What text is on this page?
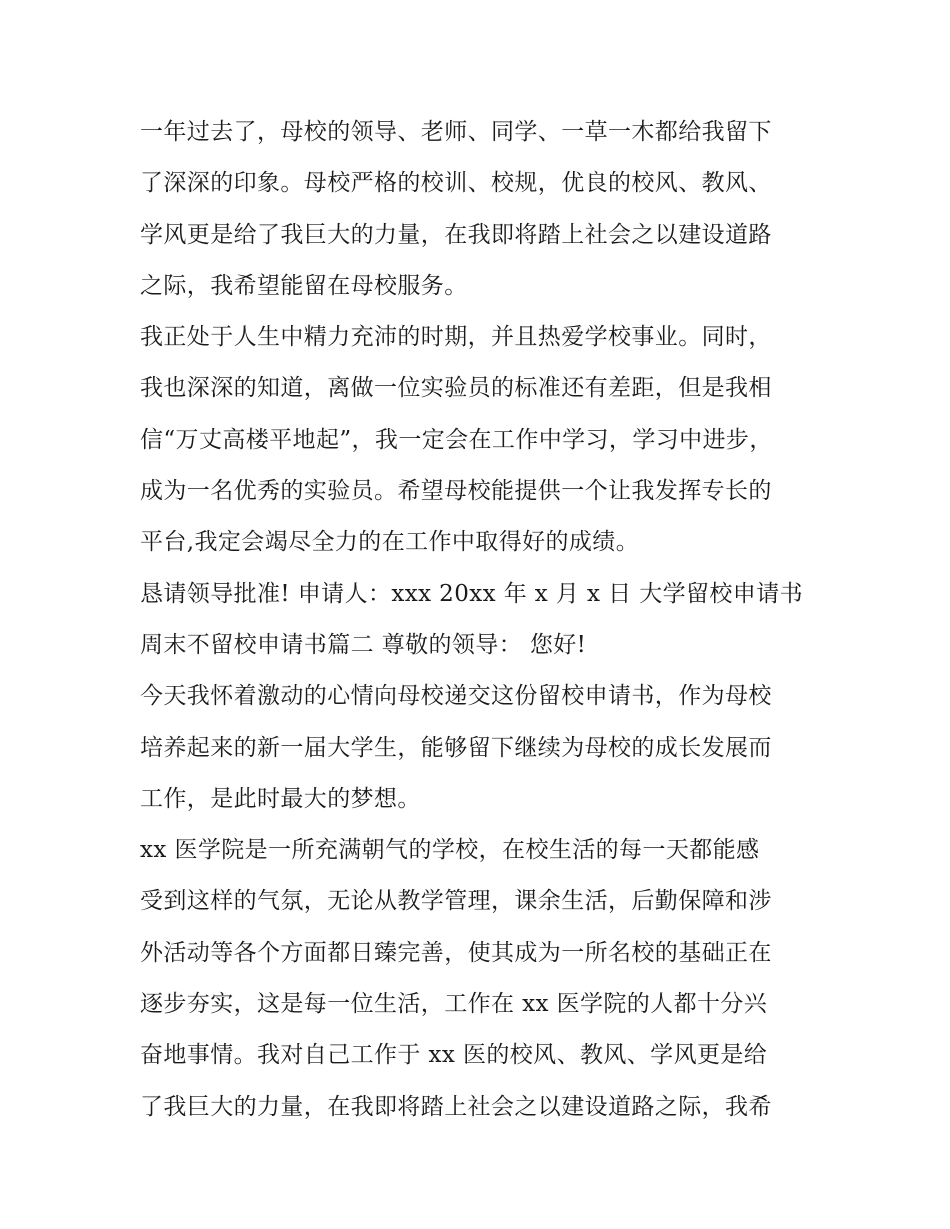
一年过去了，母校的领导、老师、同学、一草一木都给我留下
了深深的印象。母校严格的校训、校规，优良的校风、教风、
学风更是给了我巨大的力量，在我即将踏上社会之以建设道路
之际，我希望能留在母校服务。
我正处于人生中精力充沛的时期，并且热爱学校事业。同时，
我也深深的知道，离做一位实验员的标准还有差距，但是我相
信“万丈高楼平地起”，我一定会在工作中学习，学习中进步，
成为一名优秀的实验员。希望母校能提供一个让我发挥专长的
平台,我定会竭尽全力的在工作中取得好的成绩。
恳请领导批准! 申请人：xxx 20xx 年 x 月 x 日 大学留校申请书
周末不留校申请书篇二 尊敬的领导： 您好!
今天我怀着激动的心情向母校递交这份留校申请书，作为母校
培养起来的新一届大学生，能够留下继续为母校的成长发展而
工作，是此时最大的梦想。
xx 医学院是一所充满朝气的学校，在校生活的每一天都能感
受到这样的气氛，无论从教学管理，课余生活，后勤保障和涉
外活动等各个方面都日臻完善，使其成为一所名校的基础正在
逐步夯实，这是每一位生活，工作在 xx 医学院的人都十分兴
奋地事情。我对自己工作于 xx 医的校风、教风、学风更是给
了我巨大的力量，在我即将踏上社会之以建设道路之际，我希
